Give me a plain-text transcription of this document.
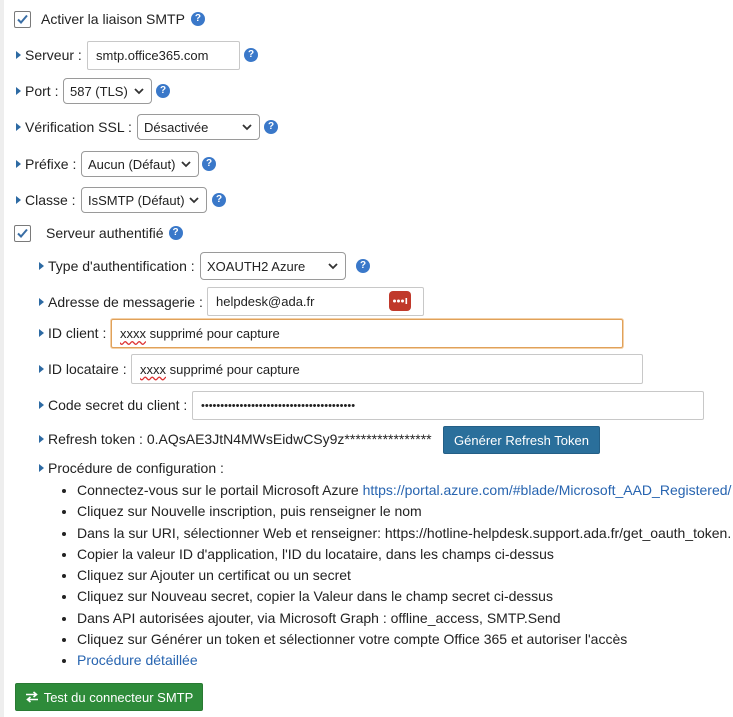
Activer la liaison SMTP ?
Serveur : smtp.office365.com	?
Port : 587 (TLS)	?
Vérification SSL : Désactivée	?
Préfixe : Aucun (Défaut)	?
Classe : IsSMTP (Défaut)	?
Serveur authentifié ?
Type d'authentification : XOAUTH2 Azure	?
Adresse de messagerie : helpdesk@ada.fr
ID client : xxxx supprimé pour capture
ID locataire : xxxx supprimé pour capture
Code secret du client : ••••••••••••••••••••••••••••••••••••••••
Refresh token : 0.AQsAE3JtN4MWsEidwCSy9z****************	Générer Refresh Token
Procédure de configuration :
• Connectez-vous sur le portail Microsoft Azure https://portal.azure.com/#blade/Microsoft_AAD_Registered/
• Cliquez sur Nouvelle inscription, puis renseigner le nom
• Dans la sur URI, sélectionner Web et renseigner: https://hotline-helpdesk.support.ada.fr/get_oauth_token.
• Copier la valeur ID d'application, l'ID du locataire, dans les champs ci-dessus
• Cliquez sur Ajouter un certificat ou un secret
• Cliquez sur Nouveau secret, copier la Valeur dans le champ secret ci-dessus
• Dans API autorisées ajouter, via Microsoft Graph : offline_access, SMTP.Send
• Cliquez sur Générer un token et sélectionner votre compte Office 365 et autoriser l'accès
• Procédure détaillée
Test du connecteur SMTP
